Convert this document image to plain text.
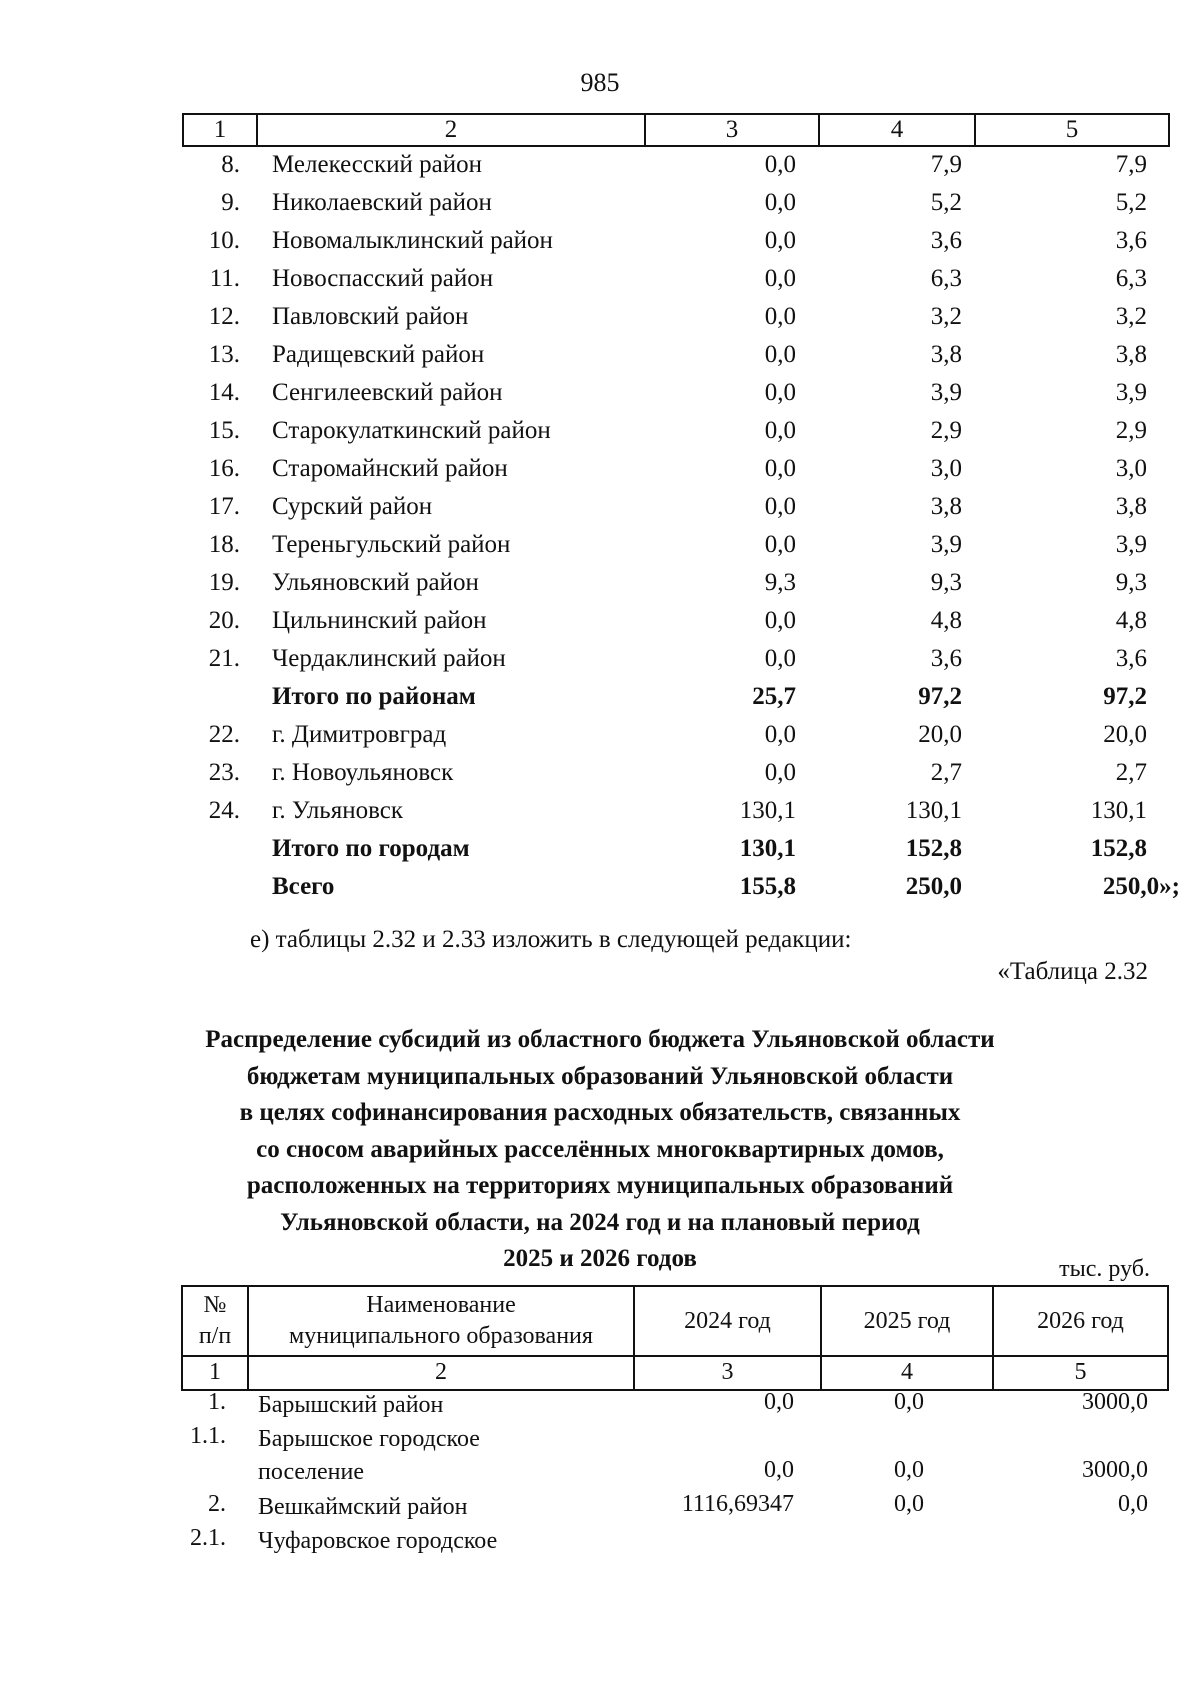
985
1	2	3	4	5
8. Мелекесский район	0,0	7,9	7,9
9. Николаевский район	0,0	5,2	5,2
10. Новомалыклинский район	0,0	3,6	3,6
11. Новоспасский район	0,0	6,3	6,3
12. Павловский район	0,0	3,2	3,2
13. Радищевский район	0,0	3,8	3,8
14. Сенгилеевский район	0,0	3,9	3,9
15. Старокулаткинский район	0,0	2,9	2,9
16. Старомайнский район	0,0	3,0	3,0
17. Сурский район	0,0	3,8	3,8
18. Тереньгульский район	0,0	3,9	3,9
19. Ульяновский район	9,3	9,3	9,3
20. Цильнинский район	0,0	4,8	4,8
21. Чердаклинский район	0,0	3,6	3,6
Итого по районам	25,7	97,2	97,2
22. г. Димитровград	0,0	20,0	20,0
23. г. Новоульяновск	0,0	2,7	2,7
24. г. Ульяновск	130,1	130,1	130,1
Итого по городам	130,1	152,8	152,8
Всего	155,8	250,0	250,0»;
е) таблицы 2.32 и 2.33 изложить в следующей редакции:
«Таблица 2.32
Распределение субсидий из областного бюджета Ульяновской области
бюджетам муниципальных образований Ульяновской области
в целях софинансирования расходных обязательств, связанных
со сносом аварийных расселённых многоквартирных домов,
расположенных на территориях муниципальных образований
Ульяновской области, на 2024 год и на плановый период
2025 и 2026 годов	тыс. руб.
№
п/п
Наименование
муниципального образования
2024 год	2025 год	2026 год
1	2	3	4	5
1. Барышский район	0,0	0,0	3000,0
1.1. Барышское городское
поселение	0,0	0,0	3000,0
2. Вешкаймский район	1116,69347	0,0	0,0
2.1. Чуфаровское городское
